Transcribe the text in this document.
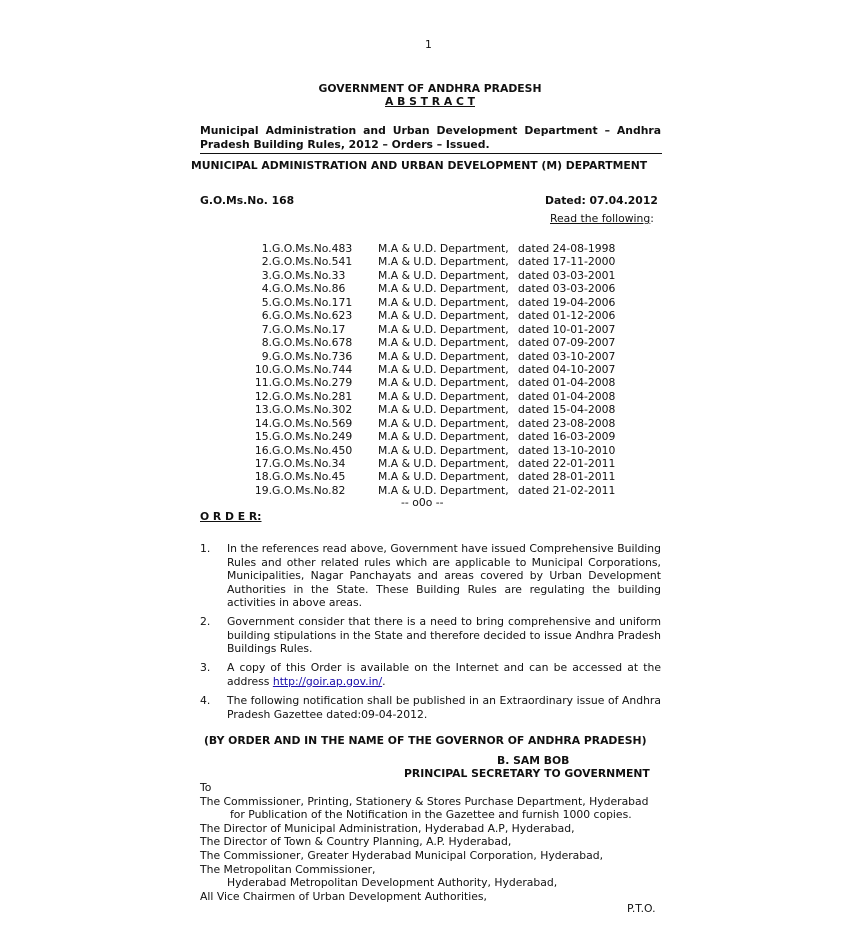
1
GOVERNMENT OF ANDHRA PRADESH
A B S T R A C T
Municipal Administration and Urban Development Department – Andhra
Pradesh Building Rules, 2012 – Orders – Issued.
MUNICIPAL ADMINISTRATION AND URBAN DEVELOPMENT (M) DEPARTMENT
G.O.Ms.No. 168	Dated: 07.04.2012
Read the following:
1.G.O.Ms.No.483 M.A & U.D. Department, dated 24-08-1998
2.G.O.Ms.No.541 M.A & U.D. Department, dated 17-11-2000
3.G.O.Ms.No.33	M.A & U.D. Department, dated 03-03-2001
4.G.O.Ms.No.86	M.A & U.D. Department, dated 03-03-2006
5.G.O.Ms.No.171 M.A & U.D. Department, dated 19-04-2006
6.G.O.Ms.No.623 M.A & U.D. Department, dated 01-12-2006
7.G.O.Ms.No.17	M.A & U.D. Department, dated 10-01-2007
8.G.O.Ms.No.678 M.A & U.D. Department, dated 07-09-2007
9.G.O.Ms.No.736 M.A & U.D. Department, dated 03-10-2007
10.G.O.Ms.No.744 M.A & U.D. Department, dated 04-10-2007
11.G.O.Ms.No.279 M.A & U.D. Department, dated 01-04-2008
12.G.O.Ms.No.281 M.A & U.D. Department, dated 01-04-2008
13.G.O.Ms.No.302 M.A & U.D. Department, dated 15-04-2008
14.G.O.Ms.No.569 M.A & U.D. Department, dated 23-08-2008
15.G.O.Ms.No.249 M.A & U.D. Department, dated 16-03-2009
16.G.O.Ms.No.450 M.A & U.D. Department, dated 13-10-2010
17.G.O.Ms.No.34	M.A & U.D. Department, dated 22-01-2011
18.G.O.Ms.No.45	M.A & U.D. Department, dated 28-01-2011
19.G.O.Ms.No.82	M.A & U.D. Department, dated 21-02-2011
-- o0o --
O R D E R:
1. In the references read above, Government have issued Comprehensive Building Rules and other related rules which are applicable to Municipal Corporations, Municipalities, Nagar Panchayats and areas covered by Urban Development Authorities in the State. These Building Rules are regulating the building activities in above areas.
2. Government consider that there is a need to bring comprehensive and uniform building stipulations in the State and therefore decided to issue Andhra Pradesh Buildings Rules.
3. A copy of this Order is available on the Internet and can be accessed at the address http://goir.ap.gov.in/.
4. The following notification shall be published in an Extraordinary issue of Andhra Pradesh Gazettee dated:09-04-2012.
(BY ORDER AND IN THE NAME OF THE GOVERNOR OF ANDHRA PRADESH)
B. SAM BOB
PRINCIPAL SECRETARY TO GOVERNMENT
To
The Commissioner, Printing, Stationery & Stores Purchase Department, Hyderabad
for Publication of the Notification in the Gazettee and furnish 1000 copies.
The Director of Municipal Administration, Hyderabad A.P, Hyderabad,
The Director of Town & Country Planning, A.P. Hyderabad,
The Commissioner, Greater Hyderabad Municipal Corporation, Hyderabad,
The Metropolitan Commissioner,
Hyderabad Metropolitan Development Authority, Hyderabad,
All Vice Chairmen of Urban Development Authorities,
P.T.O.
